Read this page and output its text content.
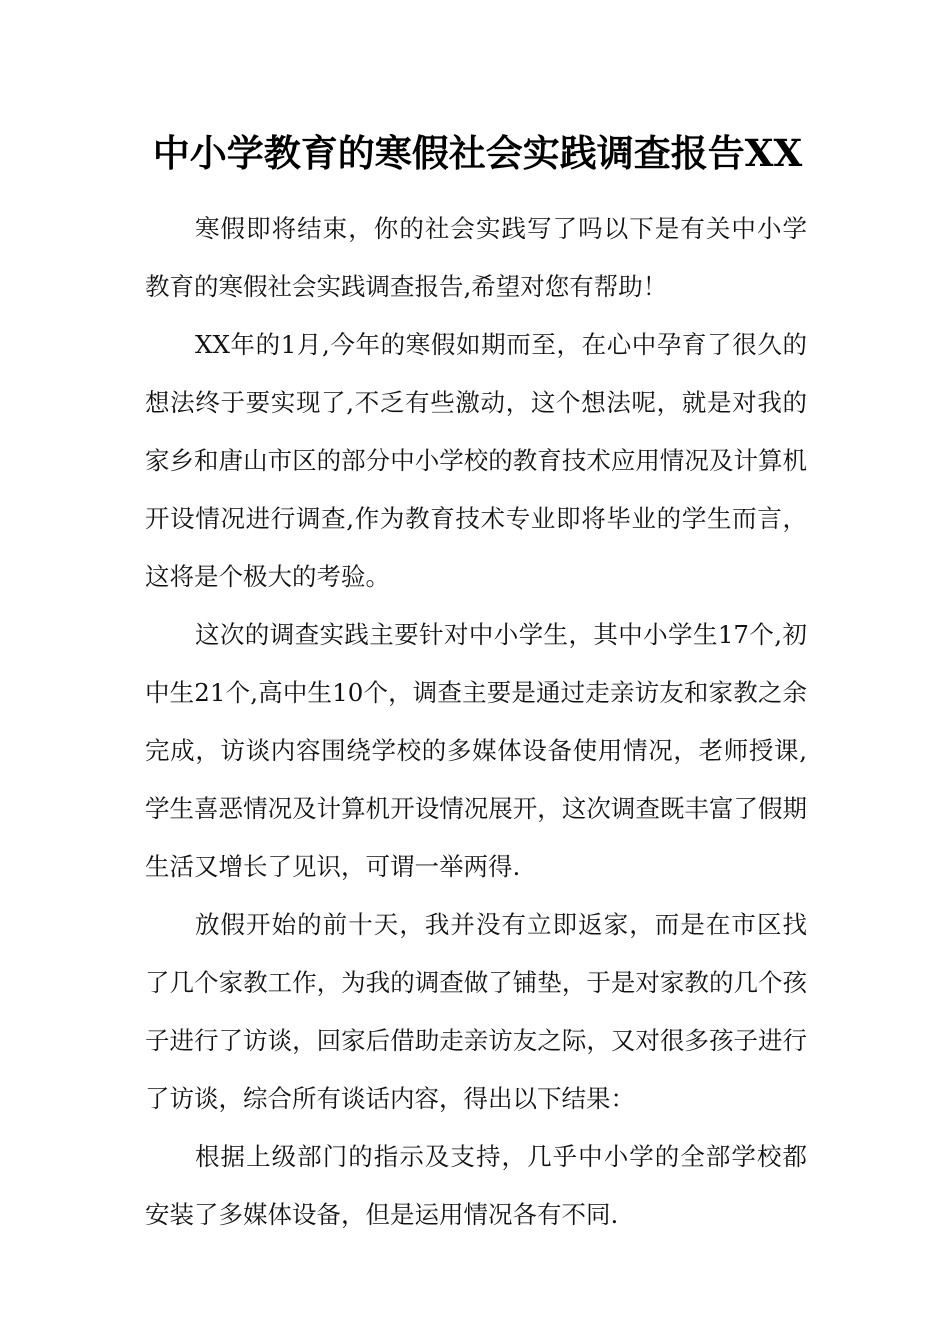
中小学教育的寒假社会实践调查报告XX

寒假即将结束，你的社会实践写了吗以下是有关中小学教育的寒假社会实践调查报告,希望对您有帮助！

XX年的1月,今年的寒假如期而至，在心中孕育了很久的想法终于要实现了,不乏有些激动，这个想法呢，就是对我的家乡和唐山市区的部分中小学校的教育技术应用情况及计算机开设情况进行调查,作为教育技术专业即将毕业的学生而言，这将是个极大的考验。

这次的调查实践主要针对中小学生，其中小学生17个,初中生21个,高中生10个，调查主要是通过走亲访友和家教之余完成，访谈内容围绕学校的多媒体设备使用情况，老师授课,学生喜恶情况及计算机开设情况展开，这次调查既丰富了假期生活又增长了见识，可谓一举两得.

放假开始的前十天，我并没有立即返家，而是在市区找了几个家教工作，为我的调查做了铺垫，于是对家教的几个孩子进行了访谈，回家后借助走亲访友之际，又对很多孩子进行了访谈，综合所有谈话内容，得出以下结果：

根据上级部门的指示及支持，几乎中小学的全部学校都安装了多媒体设备，但是运用情况各有不同.
